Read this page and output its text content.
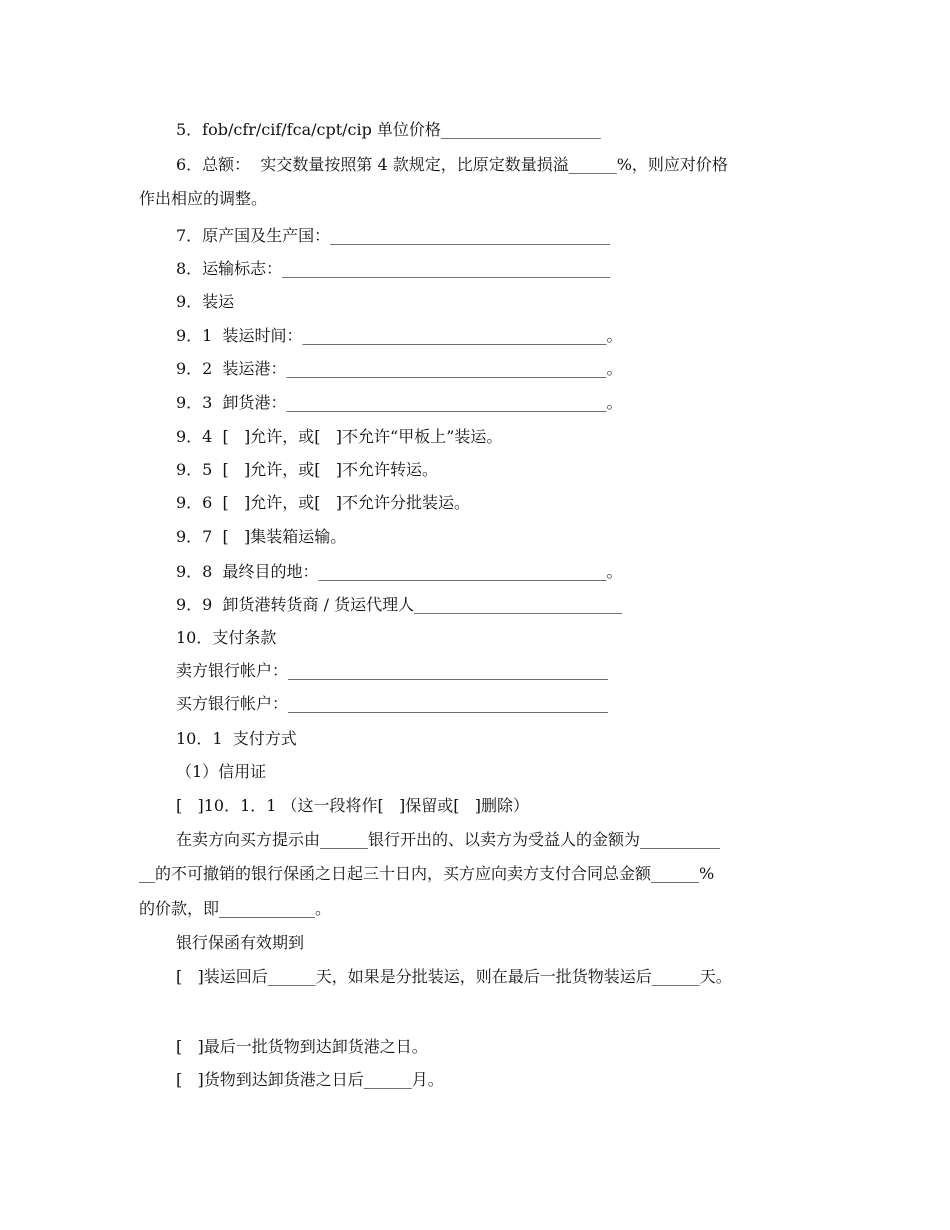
5．fob/cfr/cif/fca/cpt/cip 单位价格____________________
6．总额：  实交数量按照第 4 款规定，比原定数量损溢______%，则应对价格
作出相应的调整。
7．原产国及生产国：___________________________________
8．运输标志：_________________________________________
9．装运
9．1  装运时间：______________________________________。
9．2  装运港：________________________________________。
9．3  卸货港：________________________________________。
9．4  [   ]允许，或[   ]不允许“甲板上”装运。
9．5  [   ]允许，或[   ]不允许转运。
9．6  [   ]允许，或[   ]不允许分批装运。
9．7  [   ]集装箱运输。
9．8  最终目的地：____________________________________。
9．9  卸货港转货商 / 货运代理人__________________________
10．支付条款
卖方银行帐户：________________________________________
买方银行帐户：________________________________________
10．1  支付方式
（1）信用证
[   ]10．1．1 （这一段将作[   ]保留或[   ]删除）
在卖方向买方提示由______银行开出的、以卖方为受益人的金额为__________
__的不可撤销的银行保函之日起三十日内，买方应向卖方支付合同总金额______%
的价款，即____________。
银行保函有效期到
[   ]装运回后______天，如果是分批装运，则在最后一批货物装运后______天。
[   ]最后一批货物到达卸货港之日。
[   ]货物到达卸货港之日后______月。
